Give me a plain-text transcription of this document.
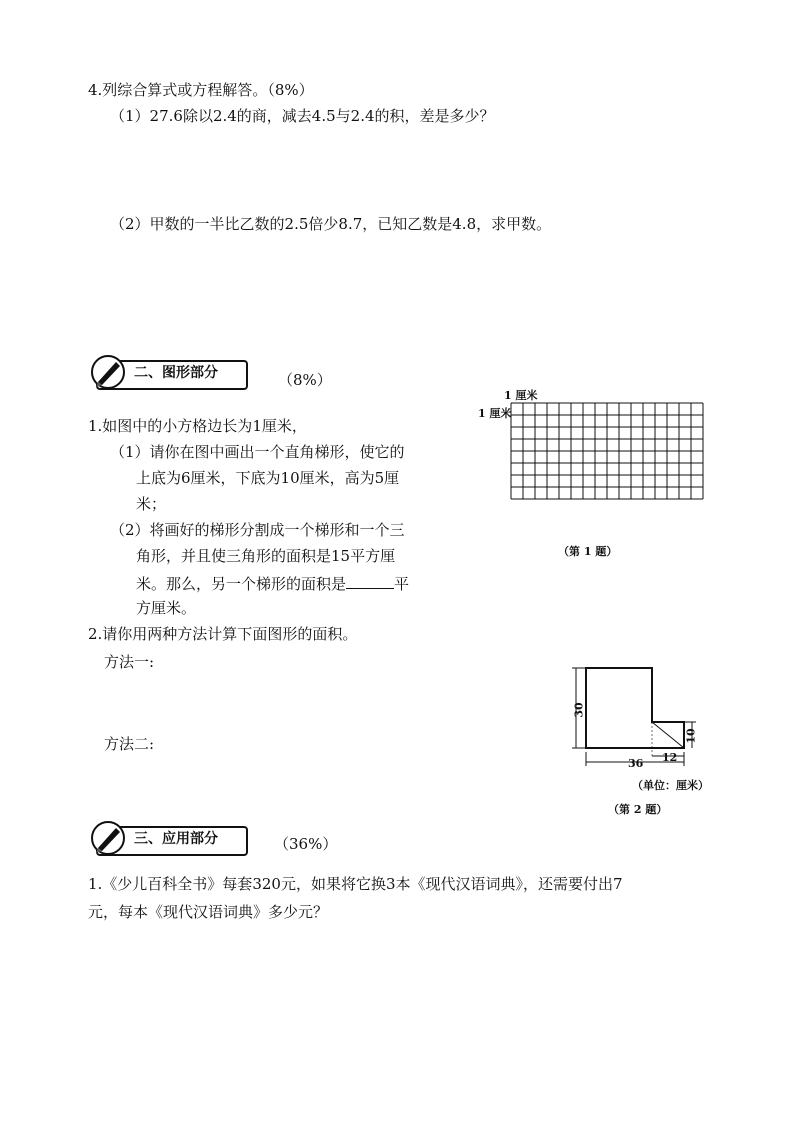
4.列综合算式或方程解答。（8%）
（1）27.6除以2.4的商，减去4.5与2.4的积，差是多少？
（2）甲数的一半比乙数的2.5倍少8.7，已知乙数是4.8，求甲数。
二、图形部分	（8%）
1.如图中的小方格边长为1厘米，
（1）请你在图中画出一个直角梯形，使它的
上底为6厘米，下底为10厘米，高为5厘
米；
（2）将画好的梯形分割成一个梯形和一个三
角形，并且使三角形的面积是15平方厘
米。那么，另一个梯形的面积是	平
方厘米。
1 厘米
1 厘米
（第 1 题）
2.请你用两种方法计算下面图形的面积。
方法一:
方法二:
30
10
36 12
（单位：厘米）
（第 2 题）
三、应用部分	（36%）
1.《少儿百科全书》每套320元，如果将它换3本《现代汉语词典》，还需要付出7
元，每本《现代汉语词典》多少元？
